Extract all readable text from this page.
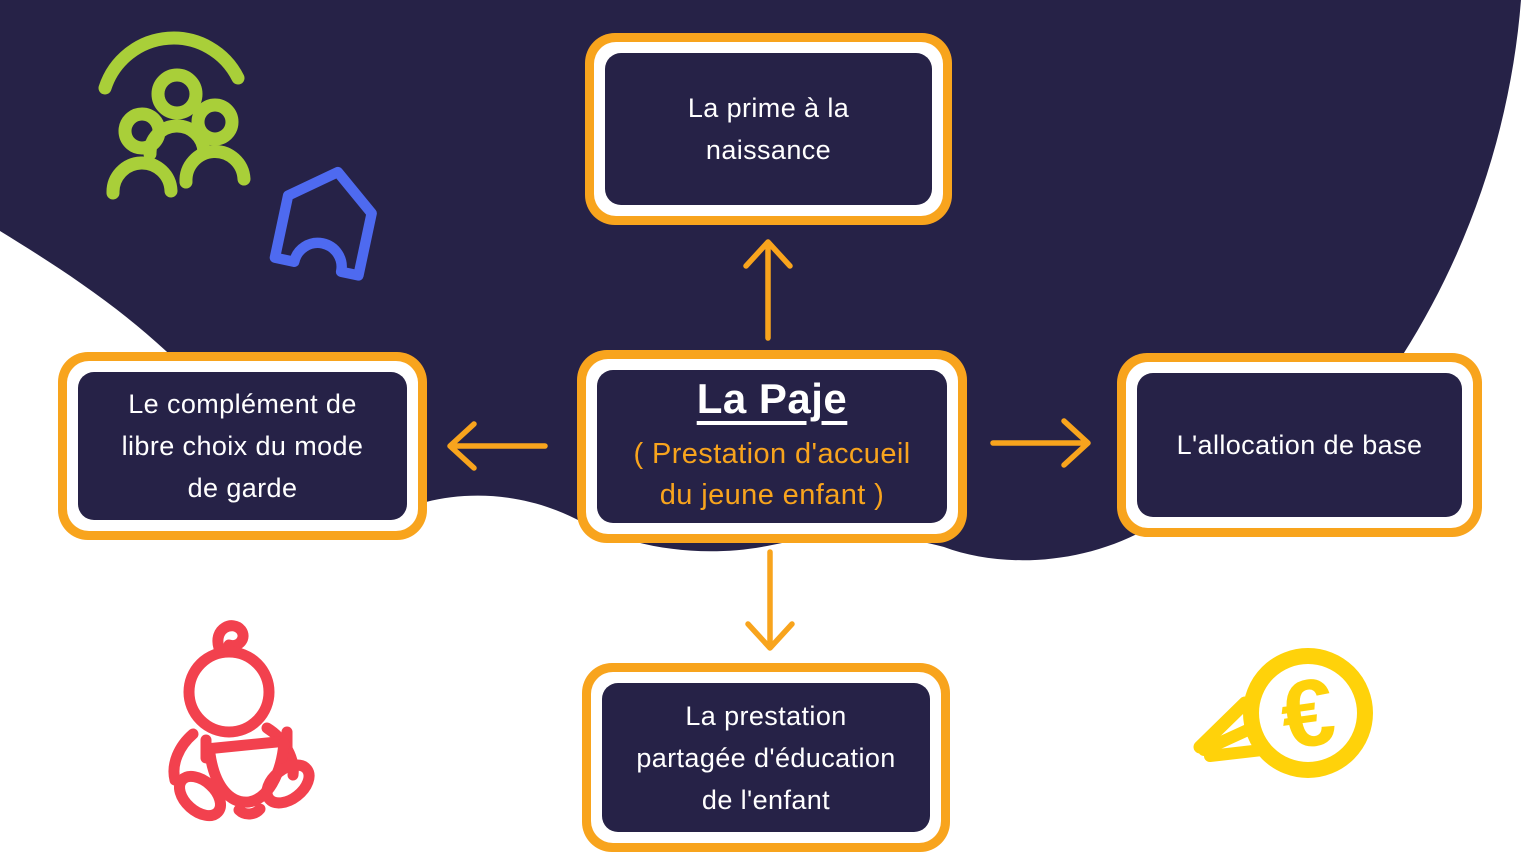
€
La prime à la
naissance
Le complément de
libre choix du mode
de garde
La Paje
( Prestation d'accueil
du jeune enfant )
L'allocation de base
La prestation
partagée d'éducation
de l'enfant
